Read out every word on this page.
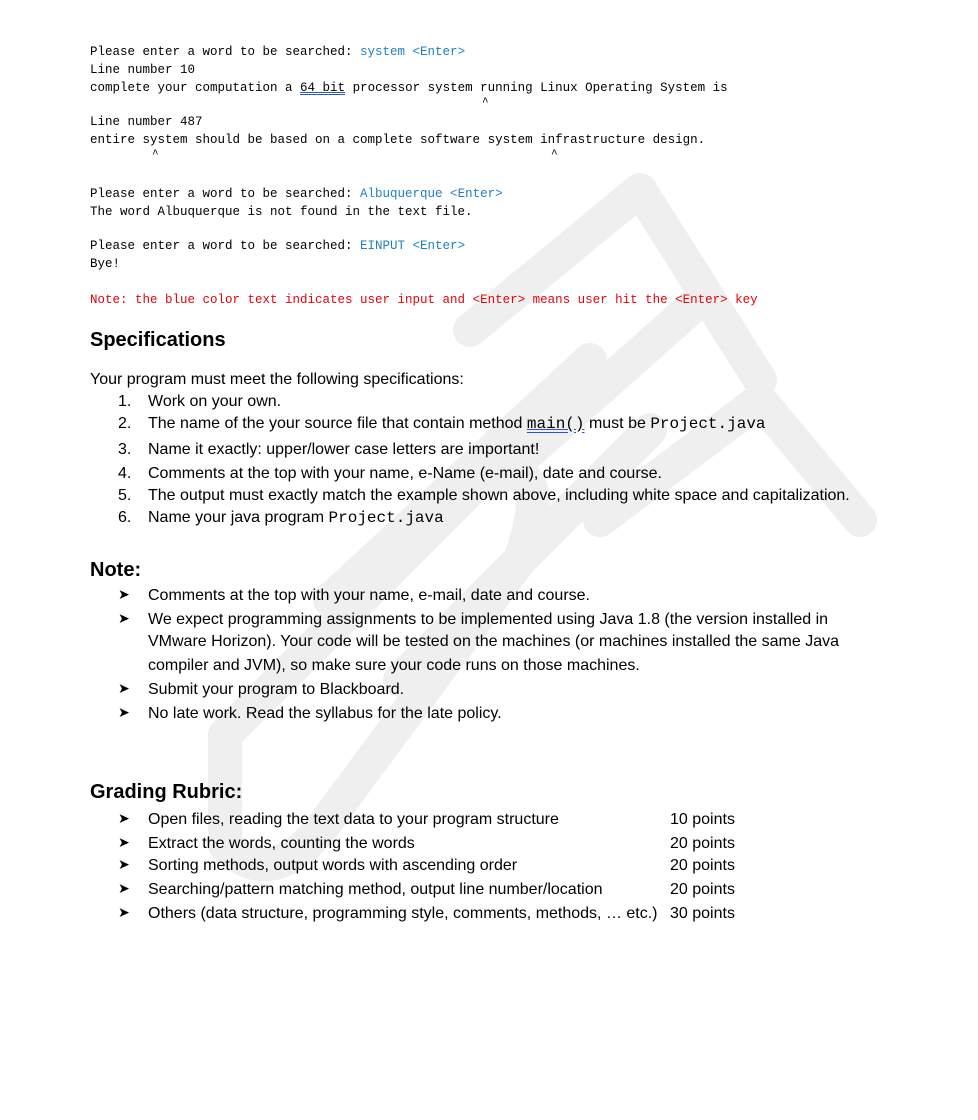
Please enter a word to be searched: system <Enter>
Line number 10
complete your computation a 64 bit processor system running Linux Operating System is
^
Line number 487
entire system should be based on a complete software system infrastructure design.
^	^
Please enter a word to be searched: Albuquerque <Enter>
The word Albuquerque is not found in the text file.
Please enter a word to be searched: EINPUT <Enter>
Bye!
Note: the blue color text indicates user input and <Enter> means user hit the <Enter> key
Specifications
Your program must meet the following specifications:
1. Work on your own.
2. The name of the your source file that contain method main() must be Project.java
3. Name it exactly: upper/lower case letters are important!
4. Comments at the top with your name, e-Name (e-mail), date and course.
5. The output must exactly match the example shown above, including white space and capitalization.
6. Name your java program Project.java
Note:
➤ Comments at the top with your name, e-mail, date and course.
➤ We expect programming assignments to be implemented using Java 1.8 (the version installed in
VMware Horizon). Your code will be tested on the machines (or machines installed the same Java
compiler and JVM), so make sure your code runs on those machines.
➤ Submit your program to Blackboard.
➤ No late work. Read the syllabus for the late policy.
Grading Rubric:
➤ Open files, reading the text data to your program structure	10 points
➤ Extract the words, counting the words	20 points
➤ Sorting methods, output words with ascending order	20 points
➤ Searching/pattern matching method, output line number/location	20 points
➤ Others (data structure, programming style, comments, methods, … etc.) 30 points
